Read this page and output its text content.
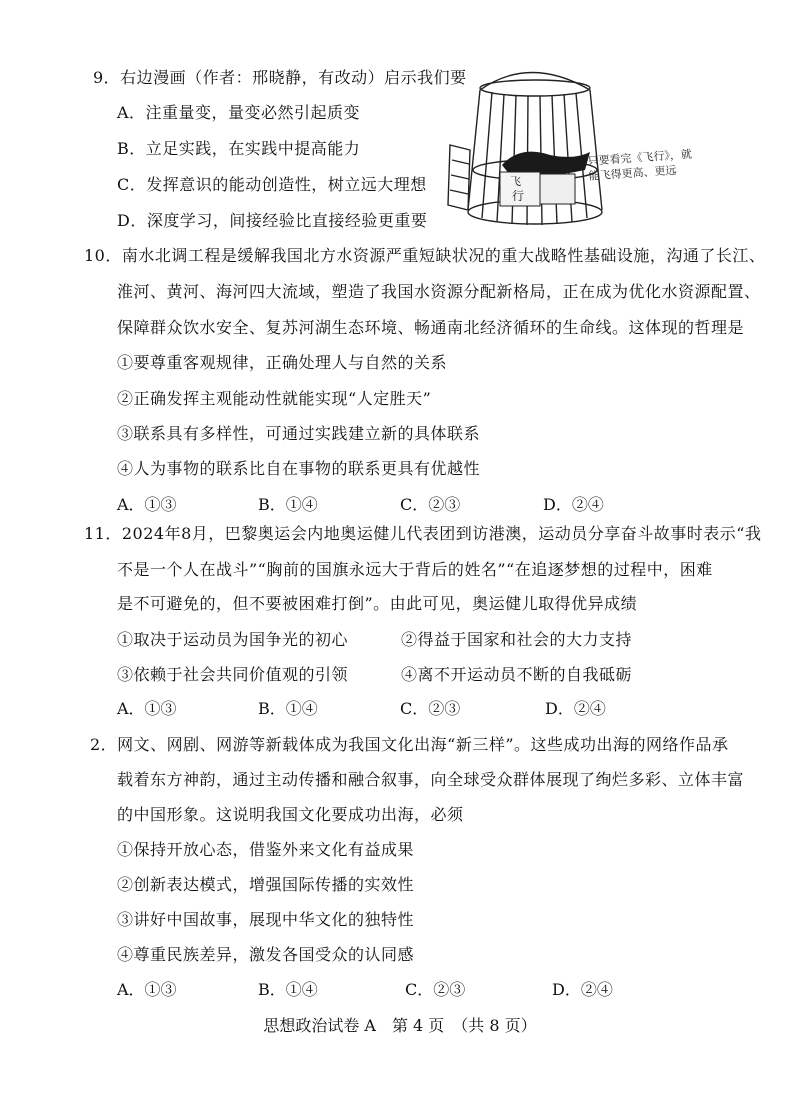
9．右边漫画（作者：邢晓静，有改动）启示我们要
A．注重量变，量变必然引起质变
B．立足实践，在实践中提高能力
C．发挥意识的能动创造性，树立远大理想
D．深度学习，间接经验比直接经验更重要
飞
行
只要看完《飞行》，就能飞得更高、更远
10．南水北调工程是缓解我国北方水资源严重短缺状况的重大战略性基础设施，沟通了长江、
淮河、黄河、海河四大流域，塑造了我国水资源分配新格局，正在成为优化水资源配置、
保障群众饮水安全、复苏河湖生态环境、畅通南北经济循环的生命线。这体现的哲理是
①要尊重客观规律，正确处理人与自然的关系
②正确发挥主观能动性就能实现“人定胜天”
③联系具有多样性，可通过实践建立新的具体联系
④人为事物的联系比自在事物的联系更具有优越性
A．①③	B．①④	C．②③	D．②④
11．2024年8月，巴黎奥运会内地奥运健儿代表团到访港澳，运动员分享奋斗故事时表示“我
不是一个人在战斗”“胸前的国旗永远大于背后的姓名”“在追逐梦想的过程中，困难
是不可避免的，但不要被困难打倒”。由此可见，奥运健儿取得优异成绩
①取决于运动员为国争光的初心	②得益于国家和社会的大力支持
③依赖于社会共同价值观的引领	④离不开运动员不断的自我砥砺
A．①③	B．①④	C．②③	D．②④
2．网文、网剧、网游等新载体成为我国文化出海“新三样”。这些成功出海的网络作品承
载着东方神韵，通过主动传播和融合叙事，向全球受众群体展现了绚烂多彩、立体丰富
的中国形象。这说明我国文化要成功出海，必须
①保持开放心态，借鉴外来文化有益成果
②创新表达模式，增强国际传播的实效性
③讲好中国故事，展现中华文化的独特性
④尊重民族差异，激发各国受众的认同感
A．①③	B．①④	C．②③	D．②④
思想政治试卷 A　第 4 页　（共 8 页）
